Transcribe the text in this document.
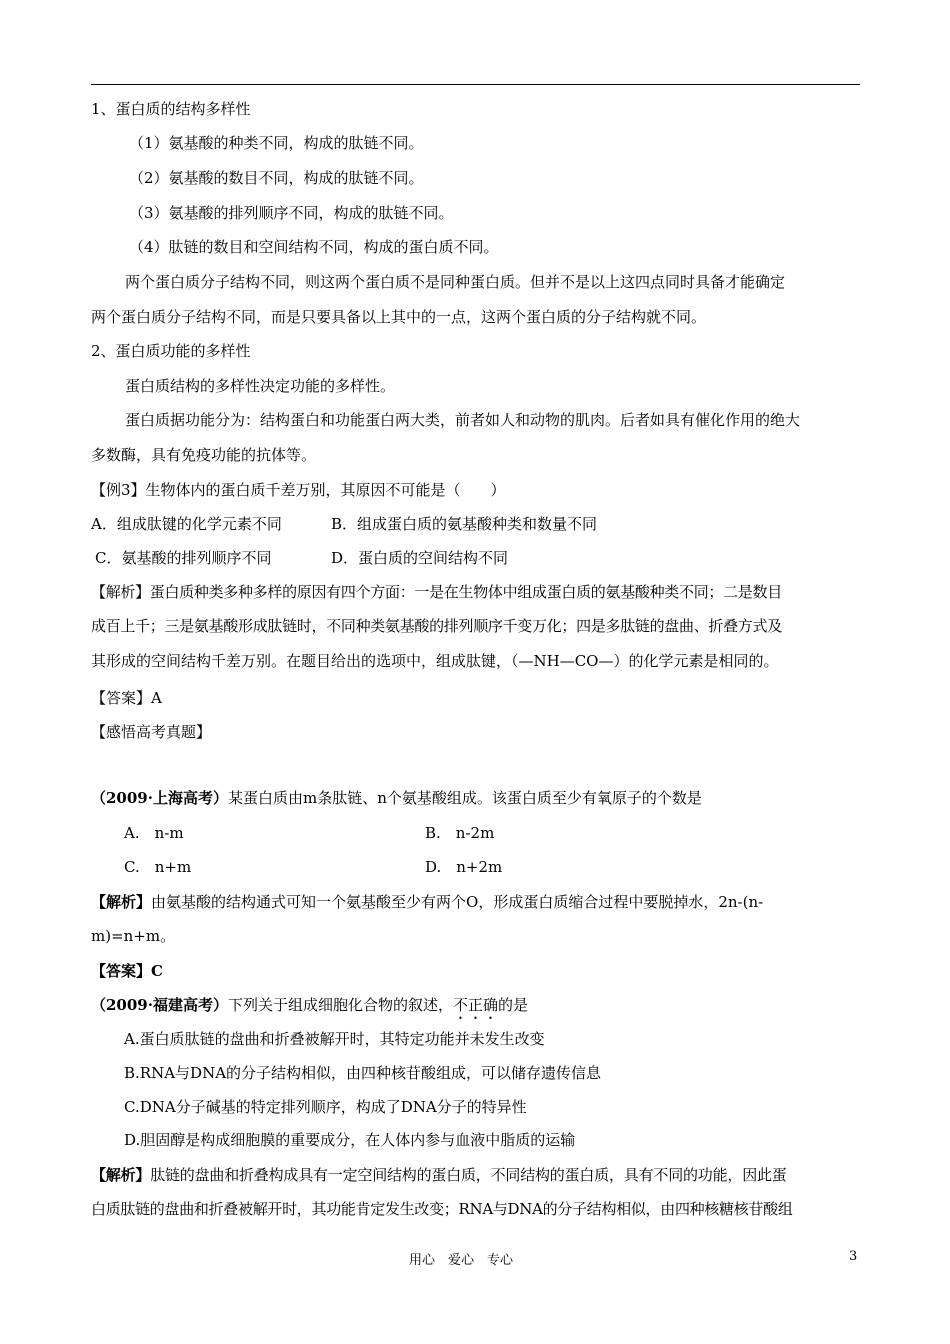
1、蛋白质的结构多样性
（1）氨基酸的种类不同，构成的肽链不同。
（2）氨基酸的数目不同，构成的肽链不同。
（3）氨基酸的排列顺序不同，构成的肽链不同。
（4）肽链的数目和空间结构不同，构成的蛋白质不同。
两个蛋白质分子结构不同，则这两个蛋白质不是同种蛋白质。但并不是以上这四点同时具备才能确定
两个蛋白质分子结构不同，而是只要具备以上其中的一点，这两个蛋白质的分子结构就不同。
2、蛋白质功能的多样性
蛋白质结构的多样性决定功能的多样性。
蛋白质据功能分为：结构蛋白和功能蛋白两大类，前者如人和动物的肌肉。后者如具有催化作用的绝大
多数酶，具有免疫功能的抗体等。
【例3】生物体内的蛋白质千差万别，其原因不可能是（　　）
A．组成肽键的化学元素不同	B．组成蛋白质的氨基酸种类和数量不同
C．氨基酸的排列顺序不同	D．蛋白质的空间结构不同
【解析】蛋白质种类多种多样的原因有四个方面：一是在生物体中组成蛋白质的氨基酸种类不同；二是数目
成百上千；三是氨基酸形成肽链时，不同种类氨基酸的排列顺序千变万化；四是多肽链的盘曲、折叠方式及
其形成的空间结构千差万别。在题目给出的选项中，组成肽键，（—NH—CO—）的化学元素是相同的。
【答案】A
【感悟高考真题】
（2009·上海高考）某蛋白质由m条肽链、n个氨基酸组成。该蛋白质至少有氧原子的个数是
A.　n-m	B.　n-2m
C.　n+m	D.　n+2m
【解析】由氨基酸的结构通式可知一个氨基酸至少有两个O，形成蛋白质缩合过程中要脱掉水，2n-(n-
m)=n+m。
【答案】C
（2009·福建高考）下列关于组成细胞化合物的叙述，不正确的是
A.蛋白质肽链的盘曲和折叠被解开时，其特定功能并未发生改变
B.RNA与DNA的分子结构相似，由四种核苷酸组成，可以储存遗传信息
C.DNA分子碱基的特定排列顺序，构成了DNA分子的特异性
D.胆固醇是构成细胞膜的重要成分，在人体内参与血液中脂质的运输
【解析】肽链的盘曲和折叠构成具有一定空间结构的蛋白质，不同结构的蛋白质，具有不同的功能，因此蛋
白质肽链的盘曲和折叠被解开时，其功能肯定发生改变；RNA与DNA的分子结构相似，由四种核糖核苷酸组
用心　爱心　专心	3
